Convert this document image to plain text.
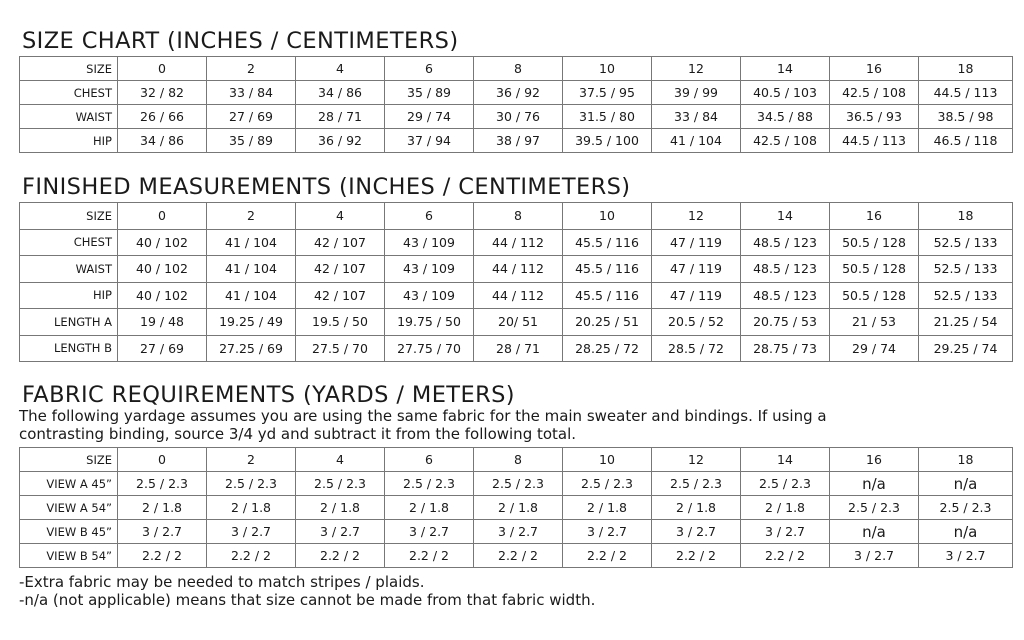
SIZE CHART (INCHES / CENTIMETERS)
SIZE	0	2	4	6	8	10	12	14	16	18
CHEST	32 / 82	33 / 84	34 / 86	35 / 89	36 / 92	37.5 / 95	39 / 99	40.5 / 103	42.5 / 108	44.5 / 113
WAIST	26 / 66	27 / 69	28 / 71	29 / 74	30 / 76	31.5 / 80	33 / 84	34.5 / 88	36.5 / 93	38.5 / 98
HIP	34 / 86	35 / 89	36 / 92	37 / 94	38 / 97	39.5 / 100	41 / 104	42.5 / 108	44.5 / 113	46.5 / 118
FINISHED MEASUREMENTS (INCHES / CENTIMETERS)
SIZE	0	2	4	6	8	10	12	14	16	18
CHEST	40 / 102	41 / 104	42 / 107	43 / 109	44 / 112	45.5 / 116	47 / 119	48.5 / 123	50.5 / 128	52.5 / 133
WAIST	40 / 102	41 / 104	42 / 107	43 / 109	44 / 112	45.5 / 116	47 / 119	48.5 / 123	50.5 / 128	52.5 / 133
HIP	40 / 102	41 / 104	42 / 107	43 / 109	44 / 112	45.5 / 116	47 / 119	48.5 / 123	50.5 / 128	52.5 / 133
LENGTH A	19 / 48	19.25 / 49	19.5 / 50	19.75 / 50	20/ 51	20.25 / 51	20.5 / 52	20.75 / 53	21 / 53	21.25 / 54
LENGTH B	27 / 69	27.25 / 69	27.5 / 70	27.75 / 70	28 / 71	28.25 / 72	28.5 / 72	28.75 / 73	29 / 74	29.25 / 74
FABRIC REQUIREMENTS (YARDS / METERS)

The following yardage assumes you are using the same fabric for the main sweater and bindings. If using a

contrasting binding, source 3/4 yd and subtract it from the following total.

SIZE	0	2	4	6	8	10	12	14	16	18
VIEW A 45”	2.5 / 2.3	2.5 / 2.3	2.5 / 2.3	2.5 / 2.3	2.5 / 2.3	2.5 / 2.3	2.5 / 2.3	2.5 / 2.3	n/a	n/a
VIEW A 54”	2 / 1.8	2 / 1.8	2 / 1.8	2 / 1.8	2 / 1.8	2 / 1.8	2 / 1.8	2 / 1.8	2.5 / 2.3	2.5 / 2.3
VIEW B 45”	3 / 2.7	3 / 2.7	3 / 2.7	3 / 2.7	3 / 2.7	3 / 2.7	3 / 2.7	3 / 2.7	n/a	n/a
VIEW B 54”	2.2 / 2	2.2 / 2	2.2 / 2	2.2 / 2	2.2 / 2	2.2 / 2	2.2 / 2	2.2 / 2	3 / 2.7	3 / 2.7

-Extra fabric may be needed to match stripes / plaids.

-n/a (not applicable) means that size cannot be made from that fabric width.
